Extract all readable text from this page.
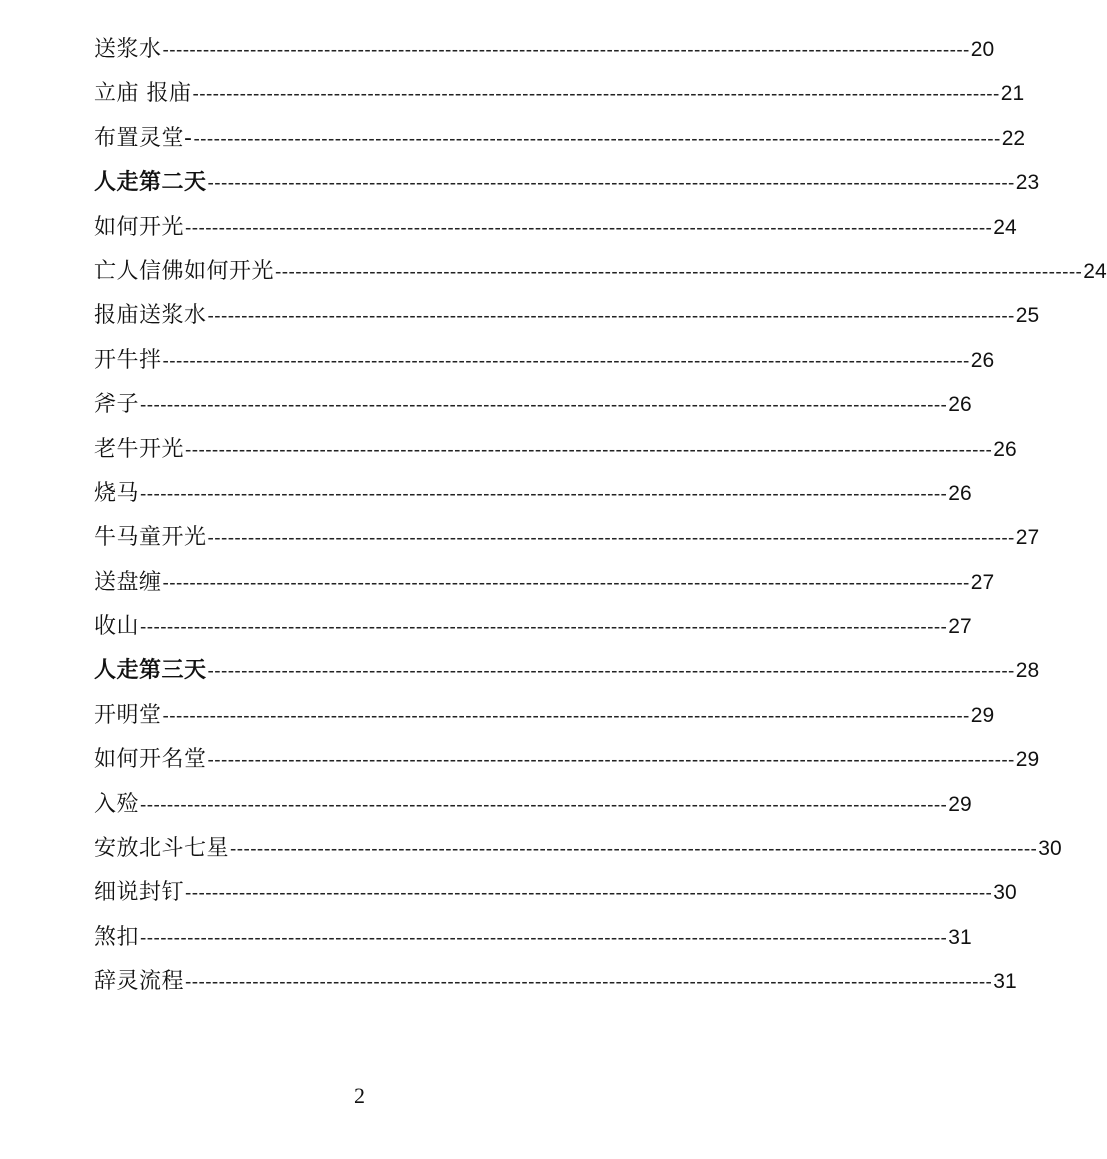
送浆水 ------------------------------------------------------------------------------------------------------------------------ 20
立庙 报庙 ------------------------------------------------------------------------------------------------------------------------ 21
布置灵堂- ------------------------------------------------------------------------------------------------------------------------ 22
人走第二天 ------------------------------------------------------------------------------------------------------------------------ 23
如何开光 ------------------------------------------------------------------------------------------------------------------------ 24
亡人信佛如何开光 ------------------------------------------------------------------------------------------------------------------------ 24
报庙送浆水 ------------------------------------------------------------------------------------------------------------------------ 25
开牛拌 ------------------------------------------------------------------------------------------------------------------------ 26
斧子 ------------------------------------------------------------------------------------------------------------------------ 26
老牛开光 ------------------------------------------------------------------------------------------------------------------------ 26
烧马 ------------------------------------------------------------------------------------------------------------------------ 26
牛马童开光 ------------------------------------------------------------------------------------------------------------------------ 27
送盘缠 ------------------------------------------------------------------------------------------------------------------------ 27
收山 ------------------------------------------------------------------------------------------------------------------------ 27
人走第三天 ------------------------------------------------------------------------------------------------------------------------ 28
开明堂 ------------------------------------------------------------------------------------------------------------------------ 29
如何开名堂 ------------------------------------------------------------------------------------------------------------------------ 29
入殓 ------------------------------------------------------------------------------------------------------------------------ 29
安放北斗七星 ------------------------------------------------------------------------------------------------------------------------ 30
细说封钉 ------------------------------------------------------------------------------------------------------------------------ 30
煞扣 ------------------------------------------------------------------------------------------------------------------------ 31
辞灵流程 ------------------------------------------------------------------------------------------------------------------------ 31
2
